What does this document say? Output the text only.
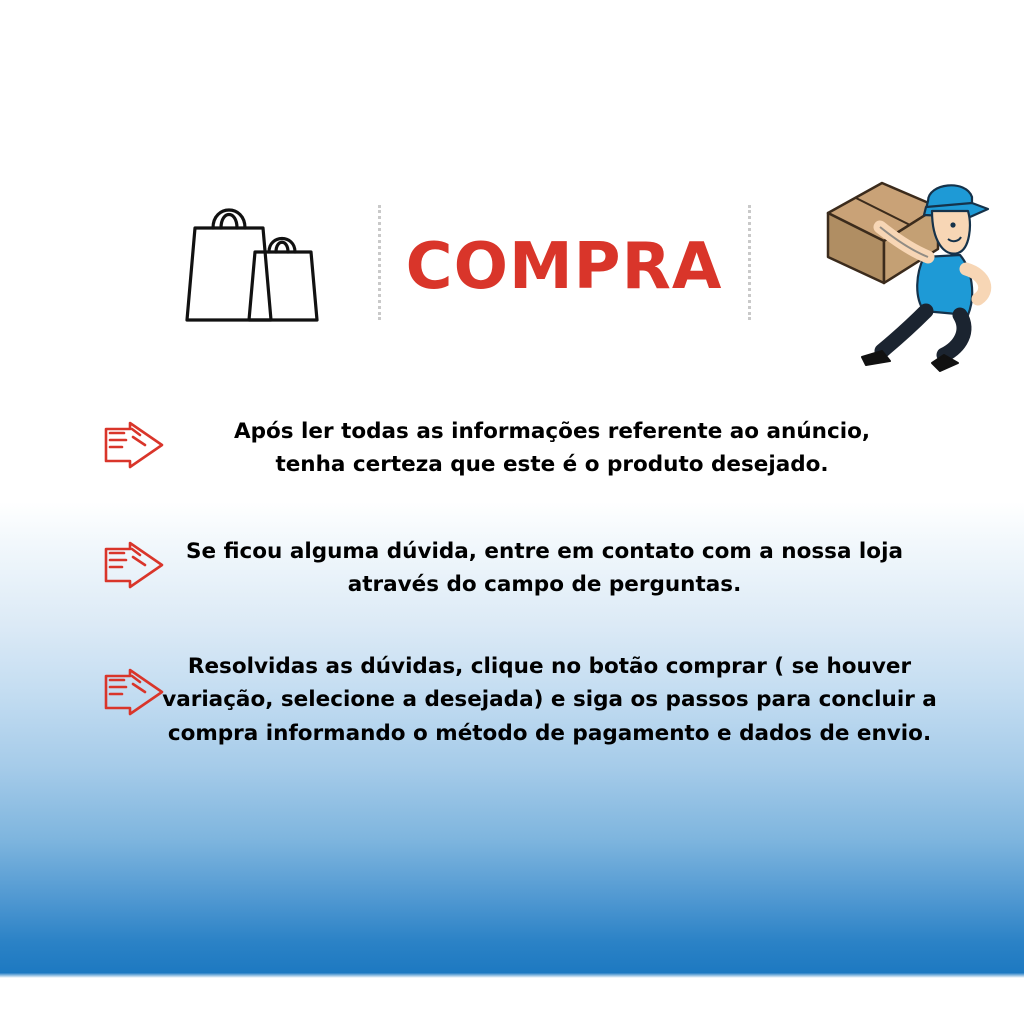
COMPRA
Após ler todas as informações referente ao anúncio,
tenha certeza que este é o produto desejado.
Se ficou alguma dúvida, entre em contato com a nossa loja
através do campo de perguntas.
Resolvidas as dúvidas, clique no botão comprar ( se houver
variação, selecione a desejada) e siga os passos para concluir a
compra informando o método de pagamento e dados de envio.
